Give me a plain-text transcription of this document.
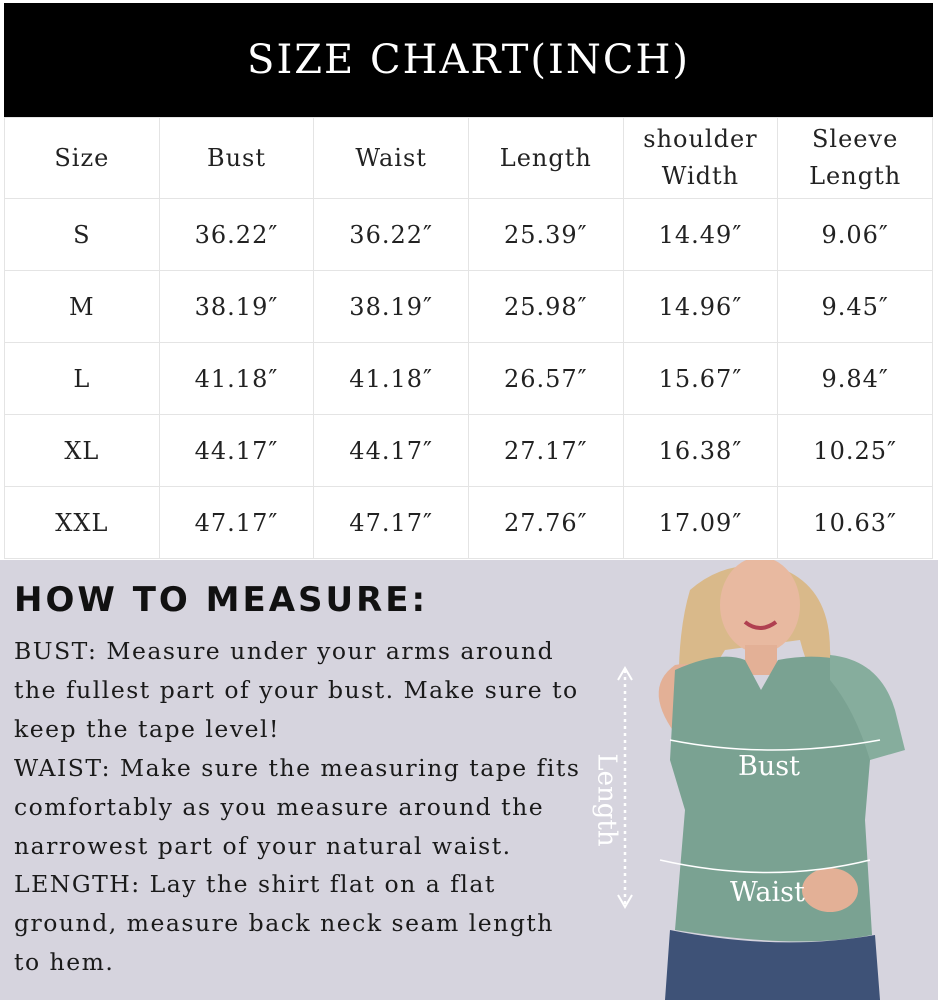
SIZE CHART(INCH)
Size	Bust	Waist	Length	shoulder Width	Sleeve Length
S	36.22″	36.22″	25.39″	14.49″	9.06″
M	38.19″	38.19″	25.98″	14.96″	9.45″
L	41.18″	41.18″	26.57″	15.67″	9.84″
XL	44.17″	44.17″	27.17″	16.38″	10.25″
XXL	47.17″	47.17″	27.76″	17.09″	10.63″
HOW TO MEASURE:

BUST: Measure under your arms around the fullest part of your bust. Make sure to keep the tape level!

WAIST: Make sure the measuring tape fits comfortably as you measure around the narrowest part of your natural waist.

LENGTH: Lay the shirt flat on a flat ground, measure back neck seam length to hem.

Bust
Waist
Length
